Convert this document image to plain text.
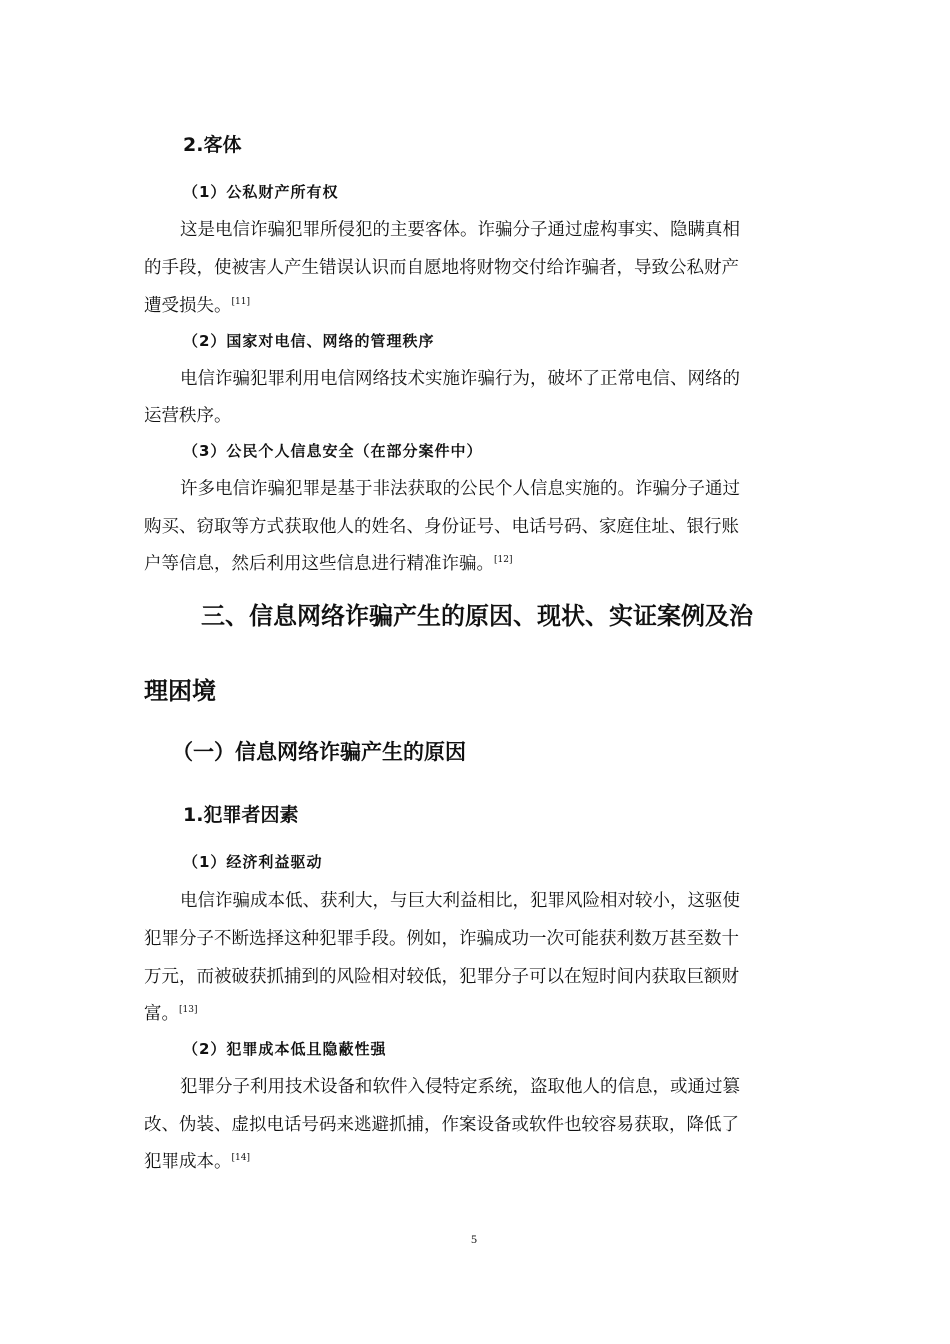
2.客体
（1）公私财产所有权
这是电信诈骗犯罪所侵犯的主要客体。诈骗分子通过虚构事实、隐瞒真相
的手段，使被害人产生错误认识而自愿地将财物交付给诈骗者，导致公私财产
遭受损失。[11]
（2）国家对电信、网络的管理秩序
电信诈骗犯罪利用电信网络技术实施诈骗行为，破坏了正常电信、网络的
运营秩序。
（3）公民个人信息安全（在部分案件中）
许多电信诈骗犯罪是基于非法获取的公民个人信息实施的。诈骗分子通过
购买、窃取等方式获取他人的姓名、身份证号、电话号码、家庭住址、银行账
户等信息，然后利用这些信息进行精准诈骗。[12]
三、信息网络诈骗产生的原因、现状、实证案例及治
理困境
（一）信息网络诈骗产生的原因
1.犯罪者因素
（1）经济利益驱动
电信诈骗成本低、获利大，与巨大利益相比，犯罪风险相对较小，这驱使
犯罪分子不断选择这种犯罪手段。例如，诈骗成功一次可能获利数万甚至数十
万元，而被破获抓捕到的风险相对较低，犯罪分子可以在短时间内获取巨额财
富。[13]
（2）犯罪成本低且隐蔽性强
犯罪分子利用技术设备和软件入侵特定系统，盗取他人的信息，或通过篡
改、伪装、虚拟电话号码来逃避抓捕，作案设备或软件也较容易获取，降低了
犯罪成本。[14]
5
